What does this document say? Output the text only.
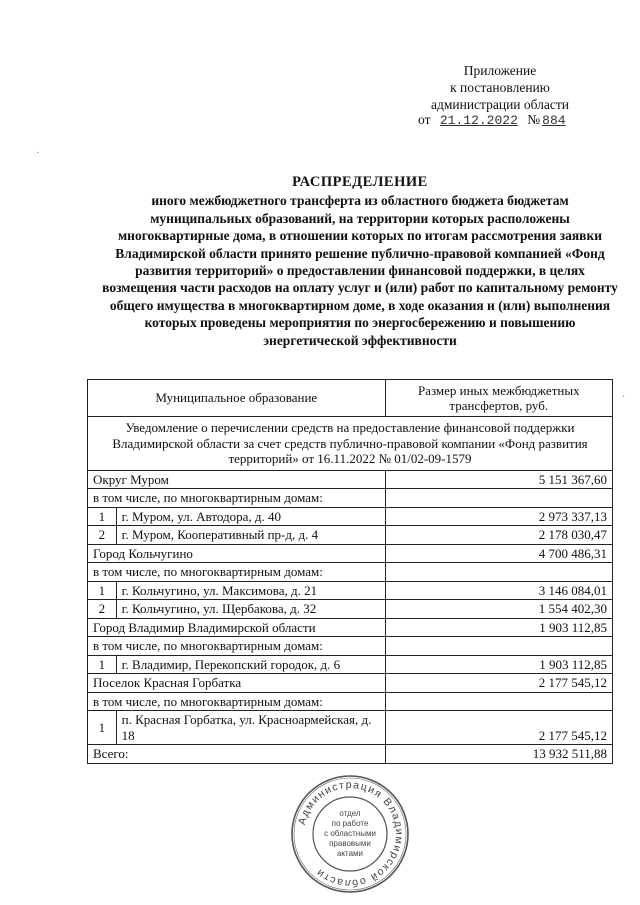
Приложение
к постановлению
администрации области
от 21.12.2022 № 884
РАСПРЕДЕЛЕНИЕ
иного межбюджетного трансферта из областного бюджета бюджетам муниципальных образований, на территории которых расположены многоквартирные дома, в отношении которых по итогам рассмотрения заявки Владимирской области принято решение публично-правовой компанией «Фонд развития территорий» о предоставлении финансовой поддержки, в целях возмещения части расходов на оплату услуг и (или) работ по капитальному ремонту общего имущества в многоквартирном доме, в ходе оказания и (или) выполнения которых проведены мероприятия по энергосбережению и повышению энергетической эффективности
Муниципальное образование		Размер иных межбюджетных трансфертов, руб.
Уведомление о перечислении средств на предоставление финансовой поддержки Владимирской области за счет средств публично-правовой компании «Фонд развития территорий» от 16.11.2022 № 01/02-09-1579		
Округ Муром		5 151 367,60
в том числе, по многоквартирным домам:		
1	г. Муром, ул. Автодора, д. 40	2 973 337,13
2	г. Муром, Кооперативный пр-д, д. 4	2 178 030,47
Город Кольчугино		4 700 486,31
в том числе, по многоквартирным домам:		
1	г. Кольчугино, ул. Максимова, д. 21	3 146 084,01
2	г. Кольчугино, ул. Щербакова, д. 32	1 554 402,30
Город Владимир Владимирской области		1 903 112,85
в том числе, по многоквартирным домам:		
1	г. Владимир, Перекопский городок, д. 6	1 903 112,85
Поселок Красная Горбатка		2 177 545,12
в том числе, по многоквартирным домам:		
1	п. Красная Горбатка, ул. Красноармейская, д. 18	2 177 545,12
Всего:		13 932 511,88
Администрация Владимирской области
отдел
по работе
с областными
правовыми
актами
·
·
